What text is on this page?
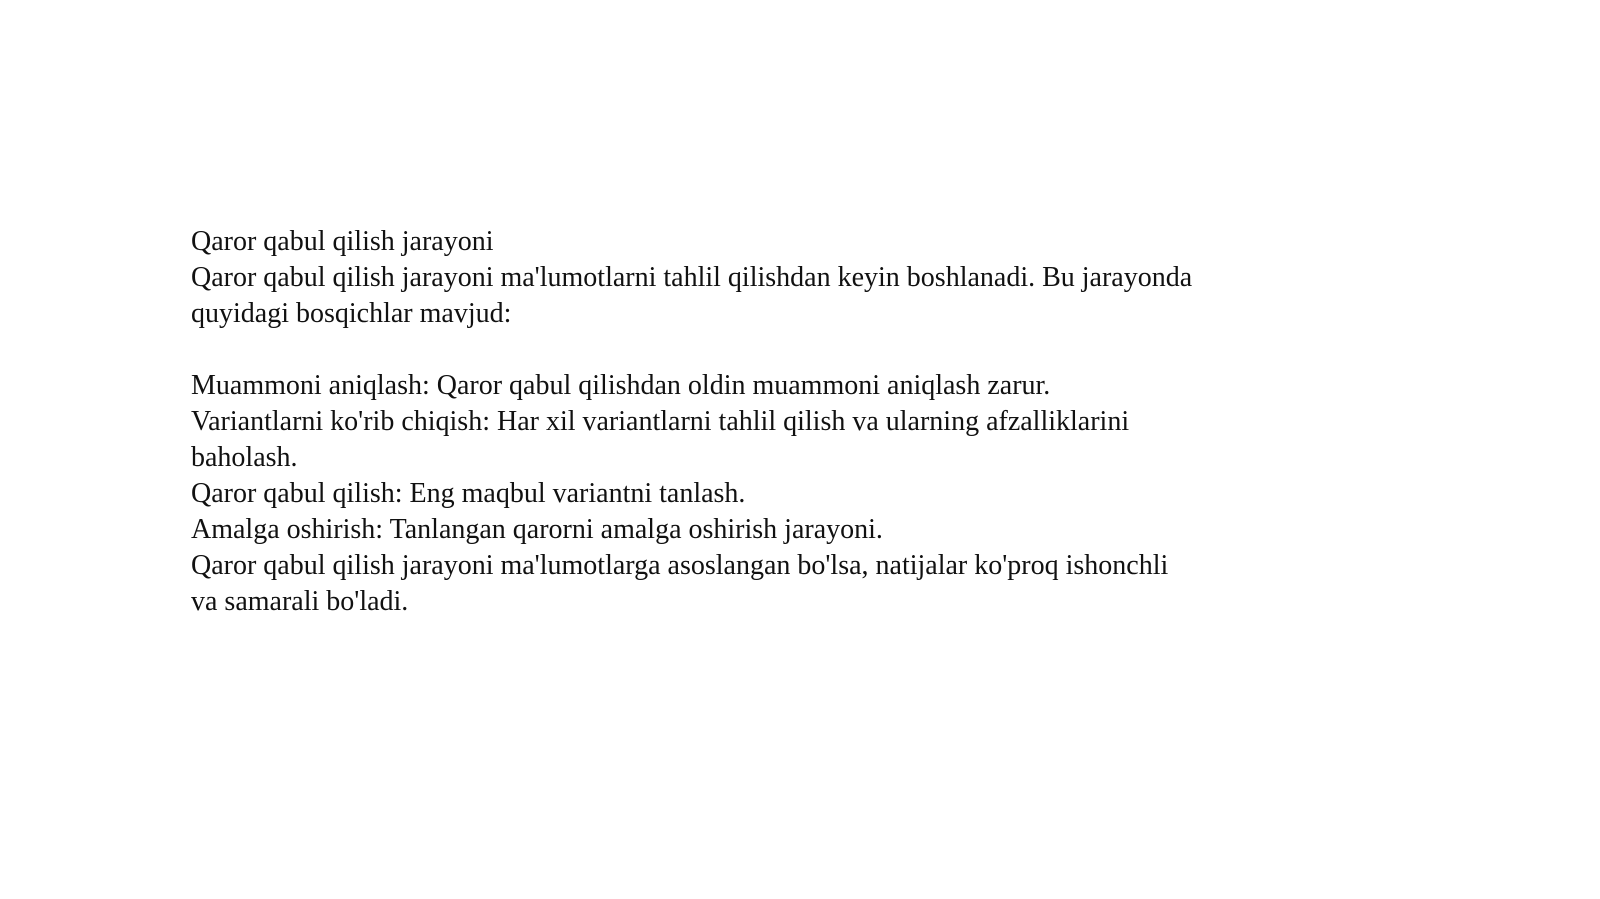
Qaror qabul qilish jarayoni
Qaror qabul qilish jarayoni ma'lumotlarni tahlil qilishdan keyin boshlanadi. Bu jarayonda
quyidagi bosqichlar mavjud:
Muammoni aniqlash: Qaror qabul qilishdan oldin muammoni aniqlash zarur.
Variantlarni ko'rib chiqish: Har xil variantlarni tahlil qilish va ularning afzalliklarini
baholash.
Qaror qabul qilish: Eng maqbul variantni tanlash.
Amalga oshirish: Tanlangan qarorni amalga oshirish jarayoni.
Qaror qabul qilish jarayoni ma'lumotlarga asoslangan bo'lsa, natijalar ko'proq ishonchli
va samarali bo'ladi.
